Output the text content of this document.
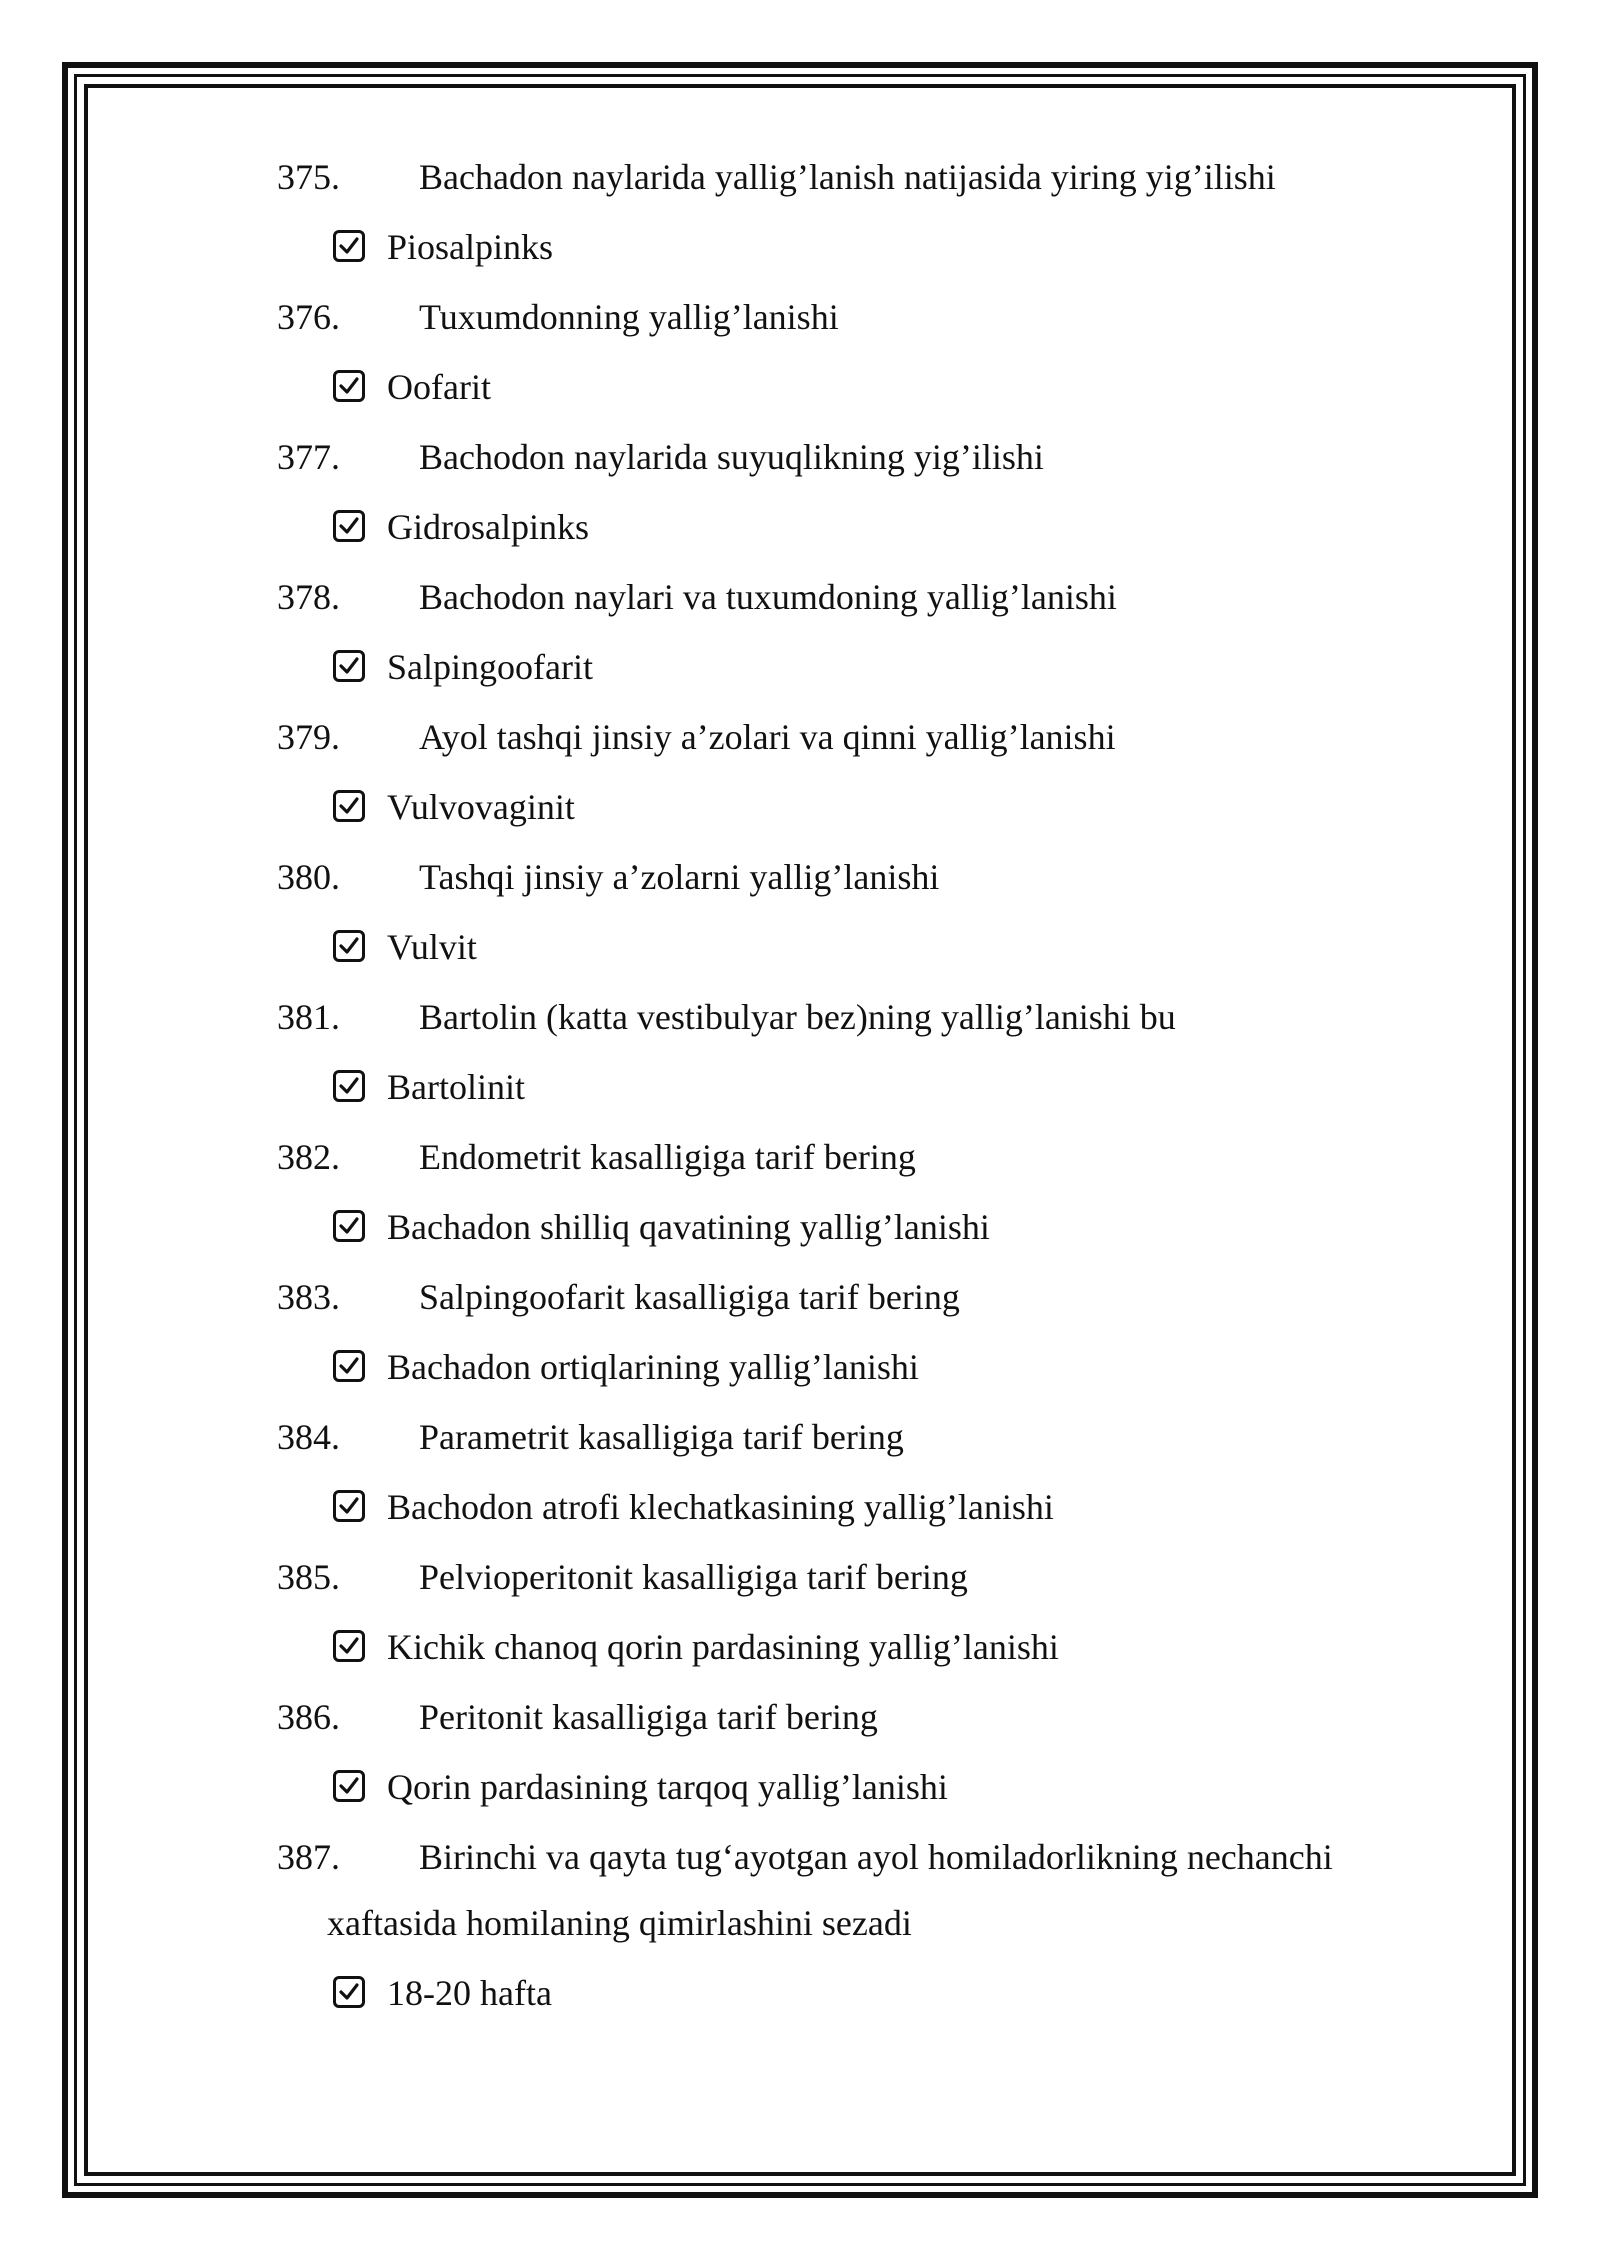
375. Bachadon naylarida yallig’lanish natijasida yiring yig’ilishi
Piosalpinks
376. Tuxumdonning yallig’lanishi
Oofarit
377. Bachodon naylarida suyuqlikning yig’ilishi
Gidrosalpinks
378. Bachodon naylari va tuxumdoning yallig’lanishi
Salpingoofarit
379. Ayol tashqi jinsiy a’zolari va qinni yallig’lanishi
Vulvovaginit
380. Tashqi jinsiy a’zolarni yallig’lanishi
Vulvit
381. Bartolin (katta vestibulyar bez)ning yallig’lanishi bu
Bartolinit
382. Endometrit kasalligiga tarif bering
Bachadon shilliq qavatining yallig’lanishi
383. Salpingoofarit kasalligiga tarif bering
Bachadon ortiqlarining yallig’lanishi
384. Parametrit kasalligiga tarif bering
Bachodon atrofi klechatkasining yallig’lanishi
385. Pelvioperitonit kasalligiga tarif bering
Kichik chanoq qorin pardasining yallig’lanishi
386. Peritonit kasalligiga tarif bering
Qorin pardasining tarqoq yallig’lanishi
387. Birinchi va qayta tug‘ayotgan ayol homiladorlikning nechanchi
xaftasida homilaning qimirlashini sezadi
18-20 hafta
